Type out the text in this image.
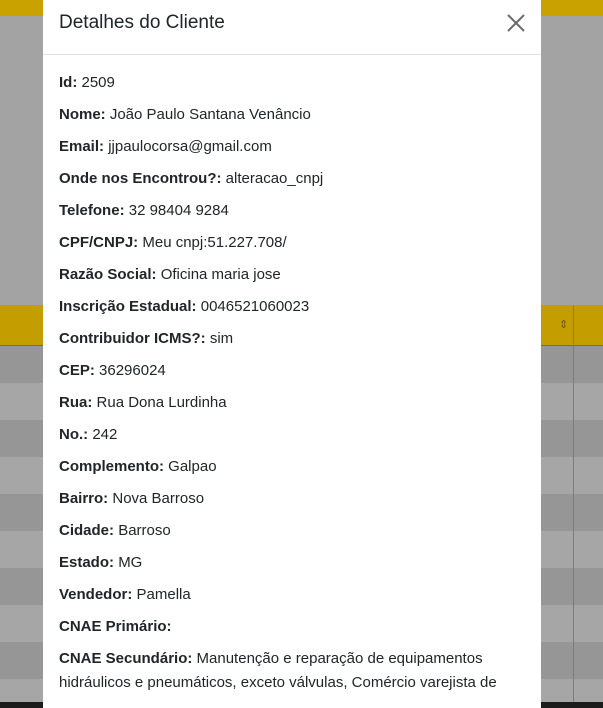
⇕
Detalhes do Cliente
Id: 2509
Nome: João Paulo Santana Venâncio
Email: jjpaulocorsa@gmail.com
Onde nos Encontrou?: alteracao_cnpj
Telefone: 32 98404 9284
CPF/CNPJ: Meu cnpj:51.227.708/
Razão Social: Oficina maria jose
Inscrição Estadual: 0046521060023
Contribuidor ICMS?: sim
CEP: 36296024
Rua: Rua Dona Lurdinha
No.: 242
Complemento: Galpao
Bairro: Nova Barroso
Cidade: Barroso
Estado: MG
Vendedor: Pamella
CNAE Primário:
CNAE Secundário: Manutenção e reparação de equipamentos hidráulicos e pneumáticos, exceto válvulas, Comércio varejista de
